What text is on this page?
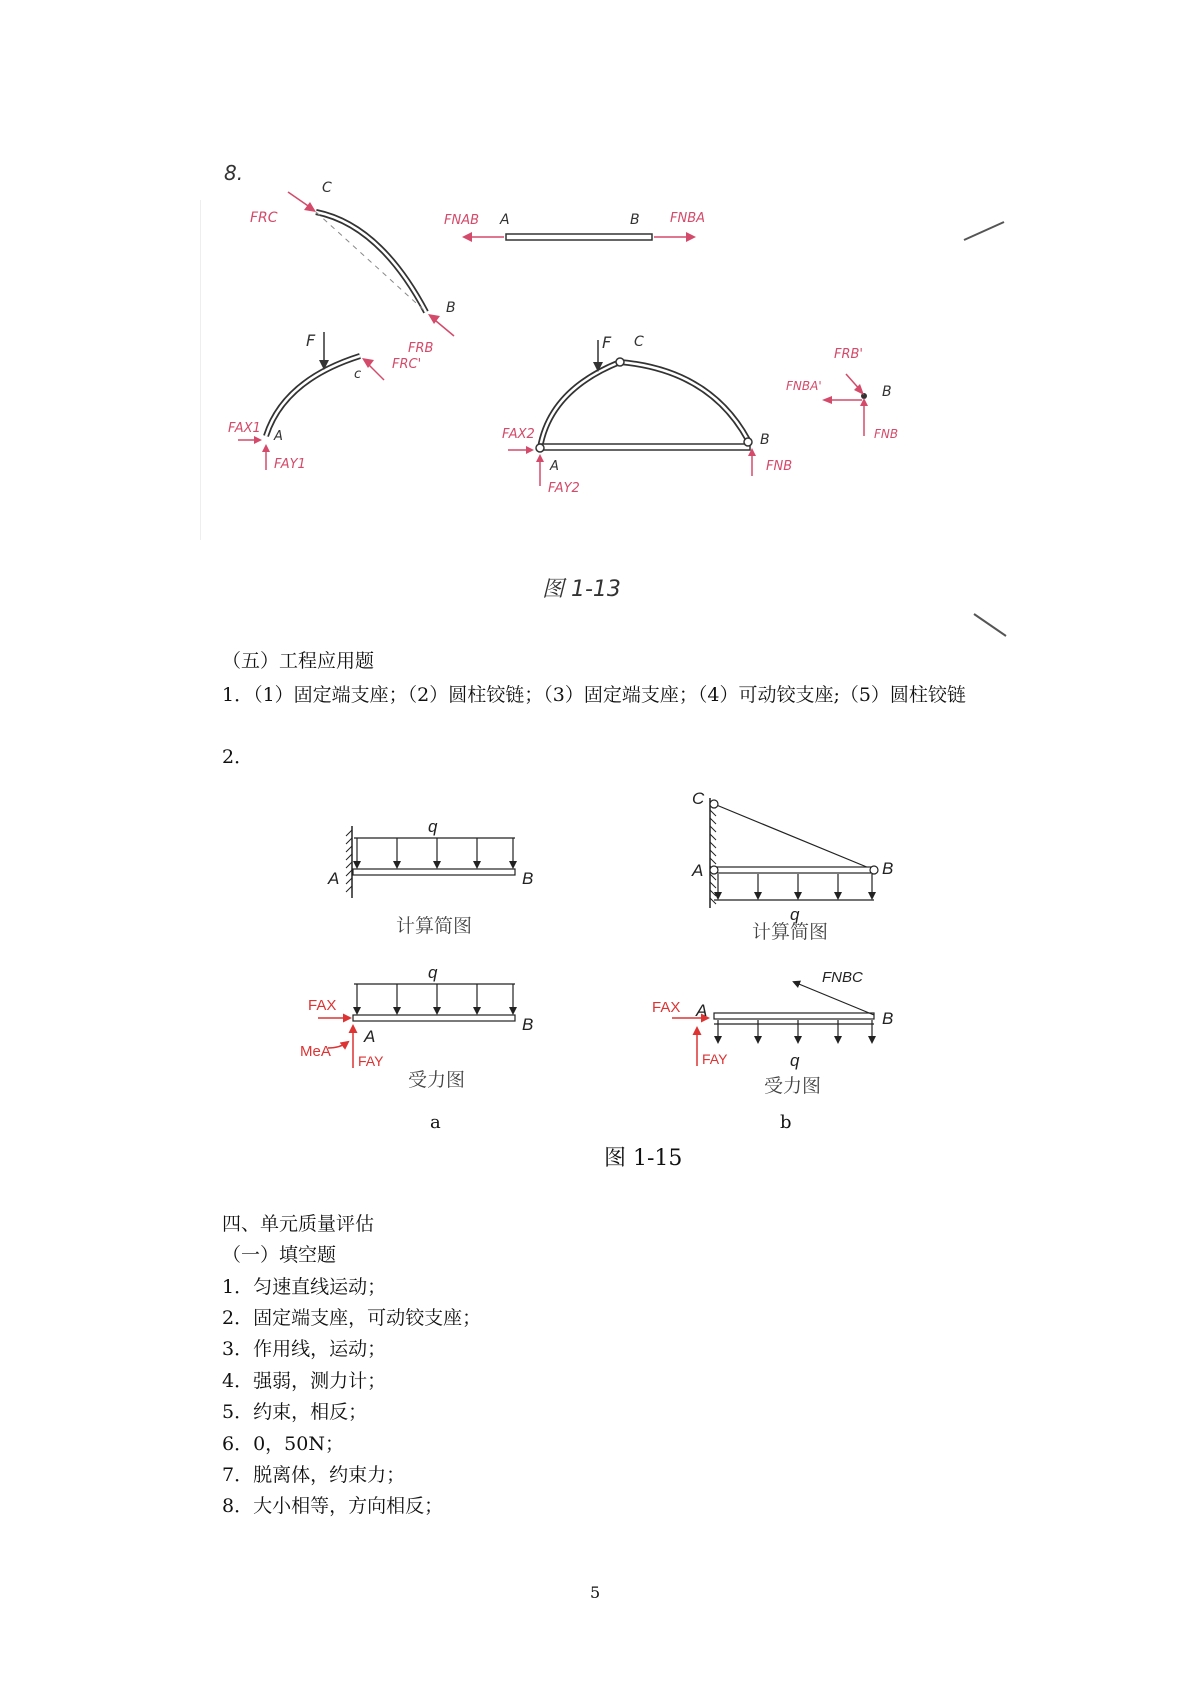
8.
C
B
FRC
FRB
FNAB A	B FNBA
F
c
FRC'
FAX1
A
FAY1
F C
FAX2
A
FAY2
B
FNB
FRB'
FNBA'	B
FNB
图 1-13
（五）工程应用题
1．（1）固定端支座；（2）圆柱铰链；（3）固定端支座；（4）可动铰支座;（5）圆柱铰链
2．
q
A	B
计算简图
q
FAX
A
MeA
FAY
B
受力图
a
C
A	B
q
计算简图
FNBC
FAX A	B
FAY	q
受力图
b
图 1-15
四、单元质量评估
（一）填空题
1．匀速直线运动；
2．固定端支座，可动铰支座；
3．作用线，运动；
4．强弱，测力计；
5．约束，相反；
6．0，50N；
7．脱离体，约束力；
8．大小相等，方向相反；
5
